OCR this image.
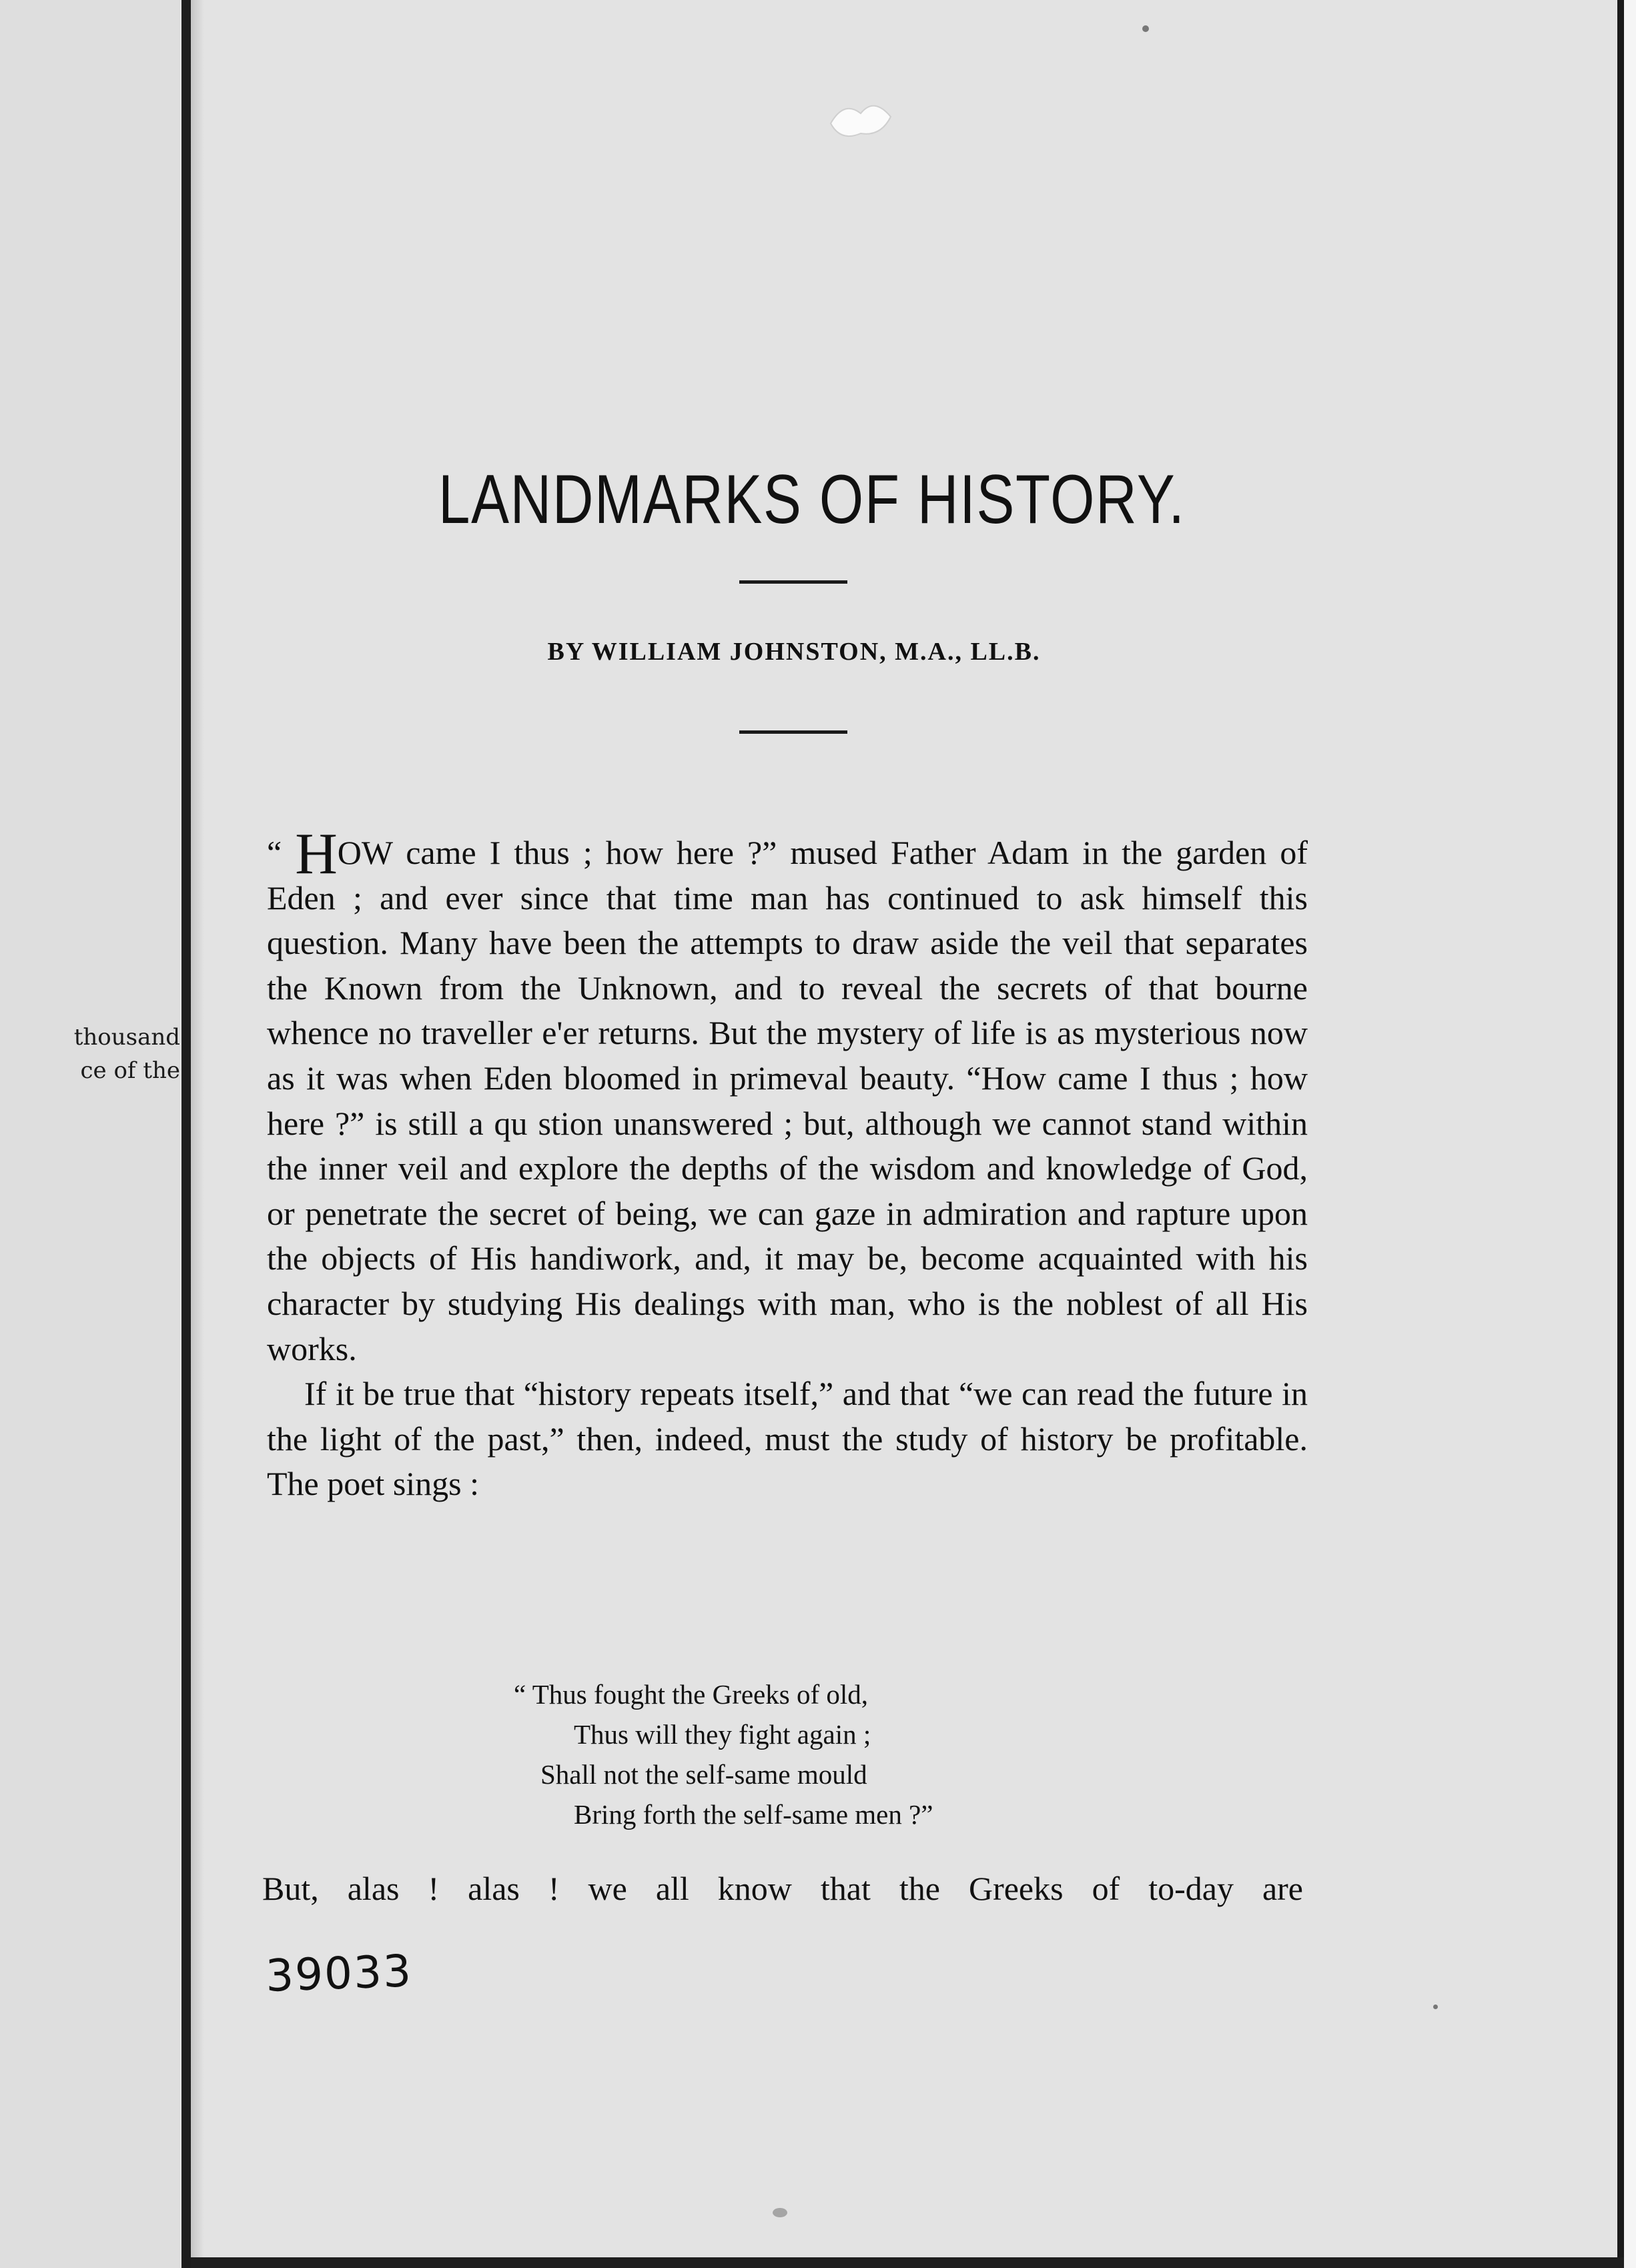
thousand
ce of the
LANDMARKS OF HISTORY.
BY WILLIAM JOHNSTON, M.A., LL.B.

“ HOW came I thus ; how here ?” mused Father Adam in the garden of Eden ; and ever since that time man has continued to ask himself this question. Many have been the attempts to draw aside the veil that separates the Known from the Unknown, and to reveal the secrets of that bourne whence no traveller e'er returns. But the mystery of life is as mysterious now as it was when Eden bloomed in primeval beauty. “How came I thus ; how here ?” is still a qu stion unanswered ; but, although we cannot stand within the inner veil and explore the depths of the wisdom and knowledge of God, or penetrate the secret of being, we can gaze in admiration and rapture upon the objects of His handiwork, and, it may be, become acquainted with his character by studying His dealings with man, who is the noblest of all His works.

If it be true that “history repeats itself,” and that “we can read the future in the light of the past,” then, indeed, must the study of history be profitable. The poet sings :

“ Thus fought the Greeks of old,
Thus will they fight again ;
Shall not the self-same mould
Bring forth the self-same men ?”
But, alas ! alas ! we all know that the Greeks of to-day are
39033
